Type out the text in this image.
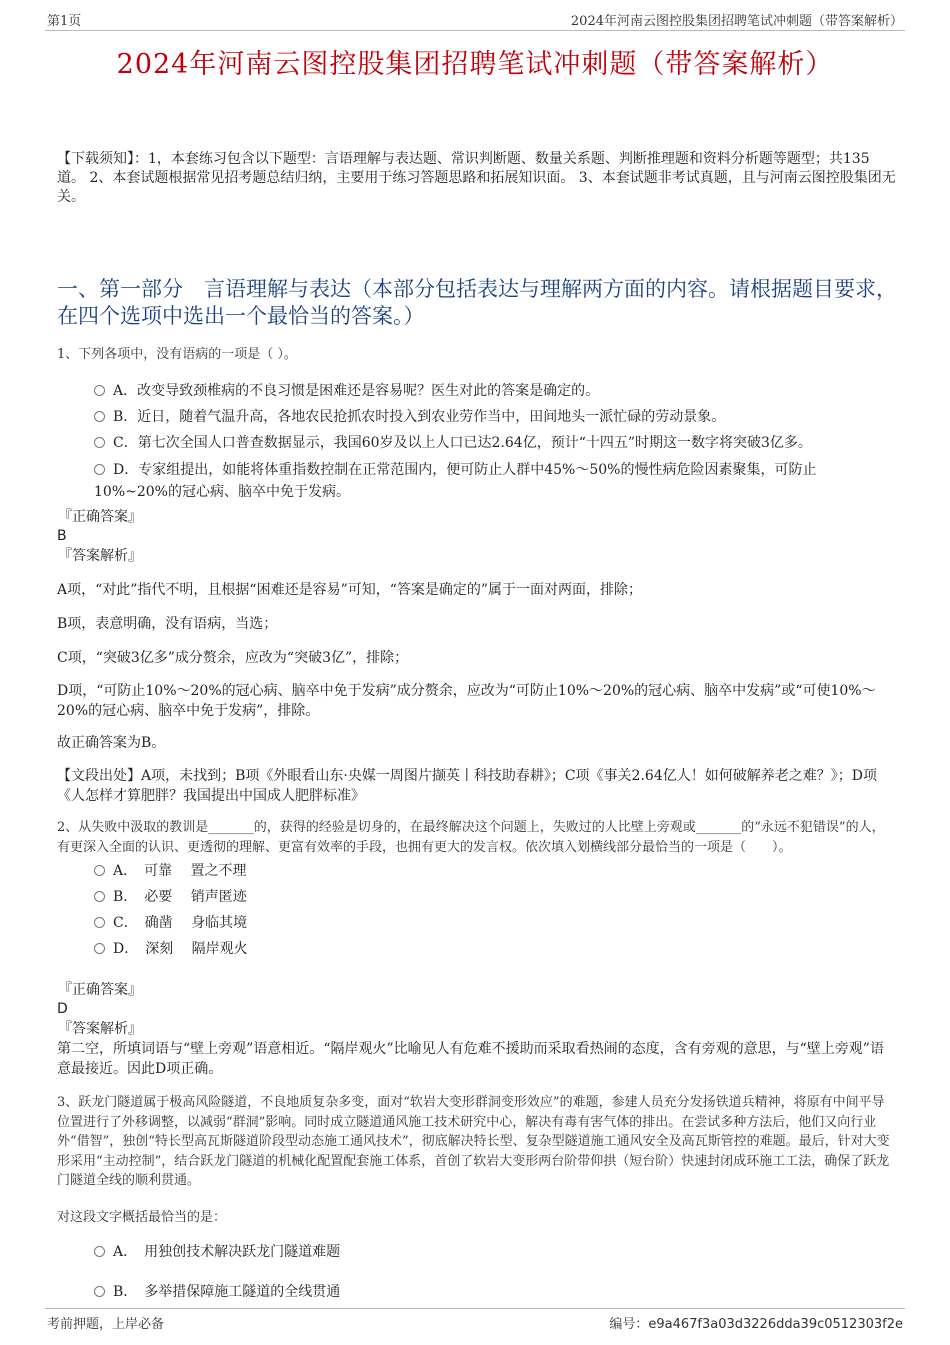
第1页	2024年河南云图控股集团招聘笔试冲刺题（带答案解析）
2024年河南云图控股集团招聘笔试冲刺题（带答案解析）
【下载须知】：1，本套练习包含以下题型：言语理解与表达题、常识判断题、数量关系题、判断推理题和资料分析题等题型；共135道。 2、本套试题根据常见招考题总结归纳，主要用于练习答题思路和拓展知识面。 3、本套试题非考试真题，且与河南云图控股集团无关。
一、第一部分　言语理解与表达（本部分包括表达与理解两方面的内容。请根据题目要求，在四个选项中选出一个最恰当的答案。）
1、下列各项中，没有语病的一项是（ ）。
A．改变导致颈椎病的不良习惯是困难还是容易呢？医生对此的答案是确定的。
B．近日，随着气温升高，各地农民抢抓农时投入到农业劳作当中，田间地头一派忙碌的劳动景象。
C．第七次全国人口普查数据显示，我国60岁及以上人口已达2.64亿，预计“十四五”时期这一数字将突破3亿多。
D．专家组提出，如能将体重指数控制在正常范围内，便可防止人群中45%～50%的慢性病危险因素聚集，可防止10%~20%的冠心病、脑卒中免于发病。
『正确答案』
B
『答案解析』
A项，“对此”指代不明，且根据“困难还是容易”可知，“答案是确定的”属于一面对两面，排除；
B项，表意明确，没有语病，当选；
C项，“突破3亿多”成分赘余，应改为“突破3亿”，排除；
D项，“可防止10%～20%的冠心病、脑卒中免于发病”成分赘余，应改为“可防止10%～20%的冠心病、脑卒中发病”或“可使10%～20%的冠心病、脑卒中免于发病”，排除。
故正确答案为B。
【文段出处】A项，未找到；B项《外眼看山东·央媒一周图片撷英丨科技助春耕》；C项《事关2.64亿人！如何破解养老之难？》；D项《人怎样才算肥胖？我国提出中国成人肥胖标准》
2、从失败中汲取的教训是_______的，获得的经验是切身的，在最终解决这个问题上，失败过的人比壁上旁观或_______的“永远不犯错误”的人，有更深入全面的认识、更透彻的理解、更富有效率的手段，也拥有更大的发言权。依次填入划横线部分最恰当的一项是（　　）。
A．　可靠　 置之不理
B．　必要　 销声匿迹
C．　确凿　 身临其境
D．　深刻　 隔岸观火
『正确答案』
D
『答案解析』
第二空，所填词语与“壁上旁观”语意相近。“隔岸观火”比喻见人有危难不援助而采取看热闹的态度，含有旁观的意思，与“壁上旁观”语意最接近。因此D项正确。
3、跃龙门隧道属于极高风险隧道，不良地质复杂多变，面对“软岩大变形群洞变形效应”的难题，参建人员充分发扬铁道兵精神，将原有中间平导位置进行了外移调整，以减弱“群洞”影响。同时成立隧道通风施工技术研究中心，解决有毒有害气体的排出。在尝试多种方法后，他们又向行业外“借智”，独创“特长型高瓦斯隧道阶段型动态施工通风技术”，彻底解决特长型、复杂型隧道施工通风安全及高瓦斯管控的难题。最后，针对大变形采用“主动控制”，结合跃龙门隧道的机械化配置配套施工体系，首创了软岩大变形两台阶带仰拱（短台阶）快速封闭成环施工工法，确保了跃龙门隧道全线的顺利贯通。
对这段文字概括最恰当的是：
A．　用独创技术解决跃龙门隧道难题
B．　多举措保障施工隧道的全线贯通
考前押题，上岸必备	编号：e9a467f3a03d3226dda39c0512303f2e
